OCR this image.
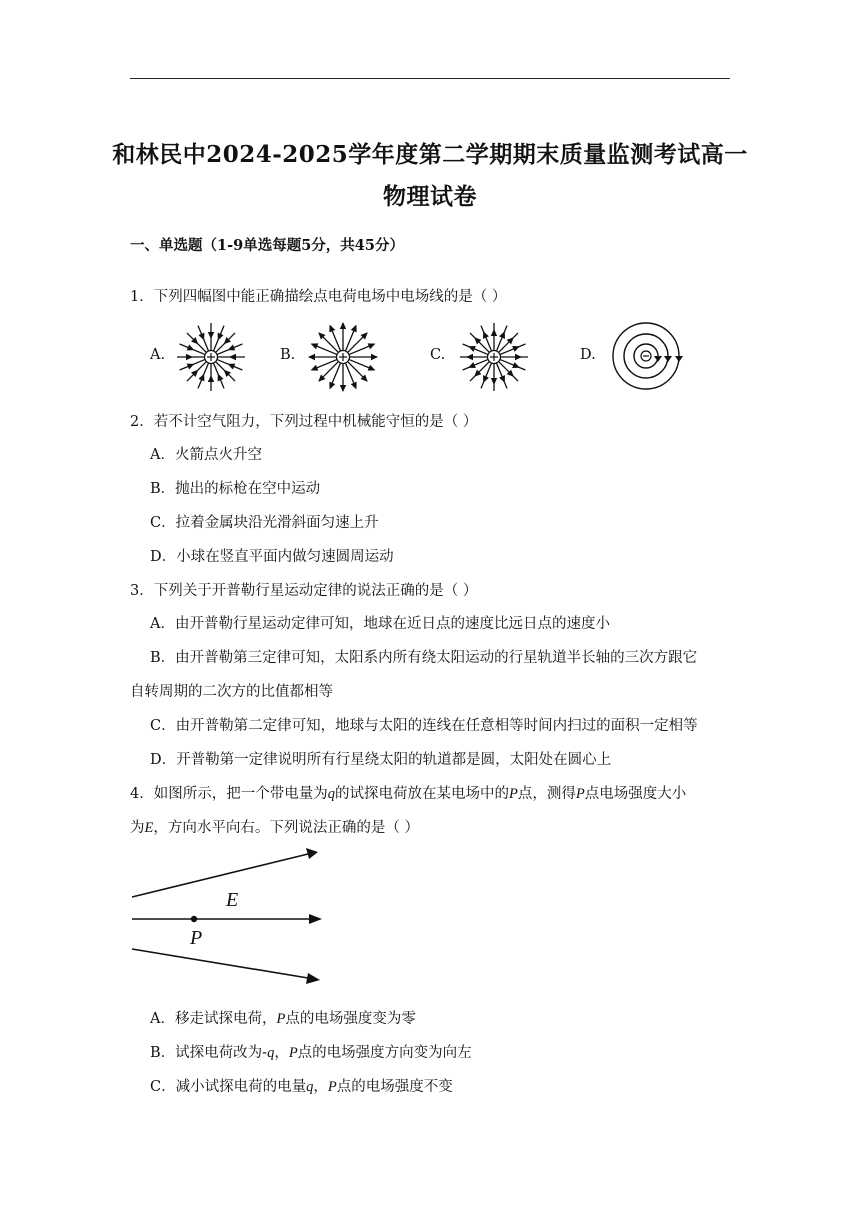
和林民中2024-2025学年度第二学期期末质量监测考试高一
物理试卷
一、单选题（1-9单选每题5分，共45分）
1．下列四幅图中能正确描绘点电荷电场中电场线的是（ ）
A.	B.	C.	D.
2．若不计空气阻力，下列过程中机械能守恒的是（ ）
A．火箭点火升空
B．抛出的标枪在空中运动
C．拉着金属块沿光滑斜面匀速上升
D．小球在竖直平面内做匀速圆周运动
3．下列关于开普勒行星运动定律的说法正确的是（ ）
A．由开普勒行星运动定律可知，地球在近日点的速度比远日点的速度小
B．由开普勒第三定律可知，太阳系内所有绕太阳运动的行星轨道半长轴的三次方跟它
自转周期的二次方的比值都相等
C．由开普勒第二定律可知，地球与太阳的连线在任意相等时间内扫过的面积一定相等
D．开普勒第一定律说明所有行星绕太阳的轨道都是圆，太阳处在圆心上
4．如图所示，把一个带电量为q的试探电荷放在某电场中的P点，测得P点电场强度大小
为E，方向水平向右。下列说法正确的是（ ）
E
P
A．移走试探电荷，P点的电场强度变为零
B．试探电荷改为-q，P点的电场强度方向变为向左
C．减小试探电荷的电量q，P点的电场强度不变
